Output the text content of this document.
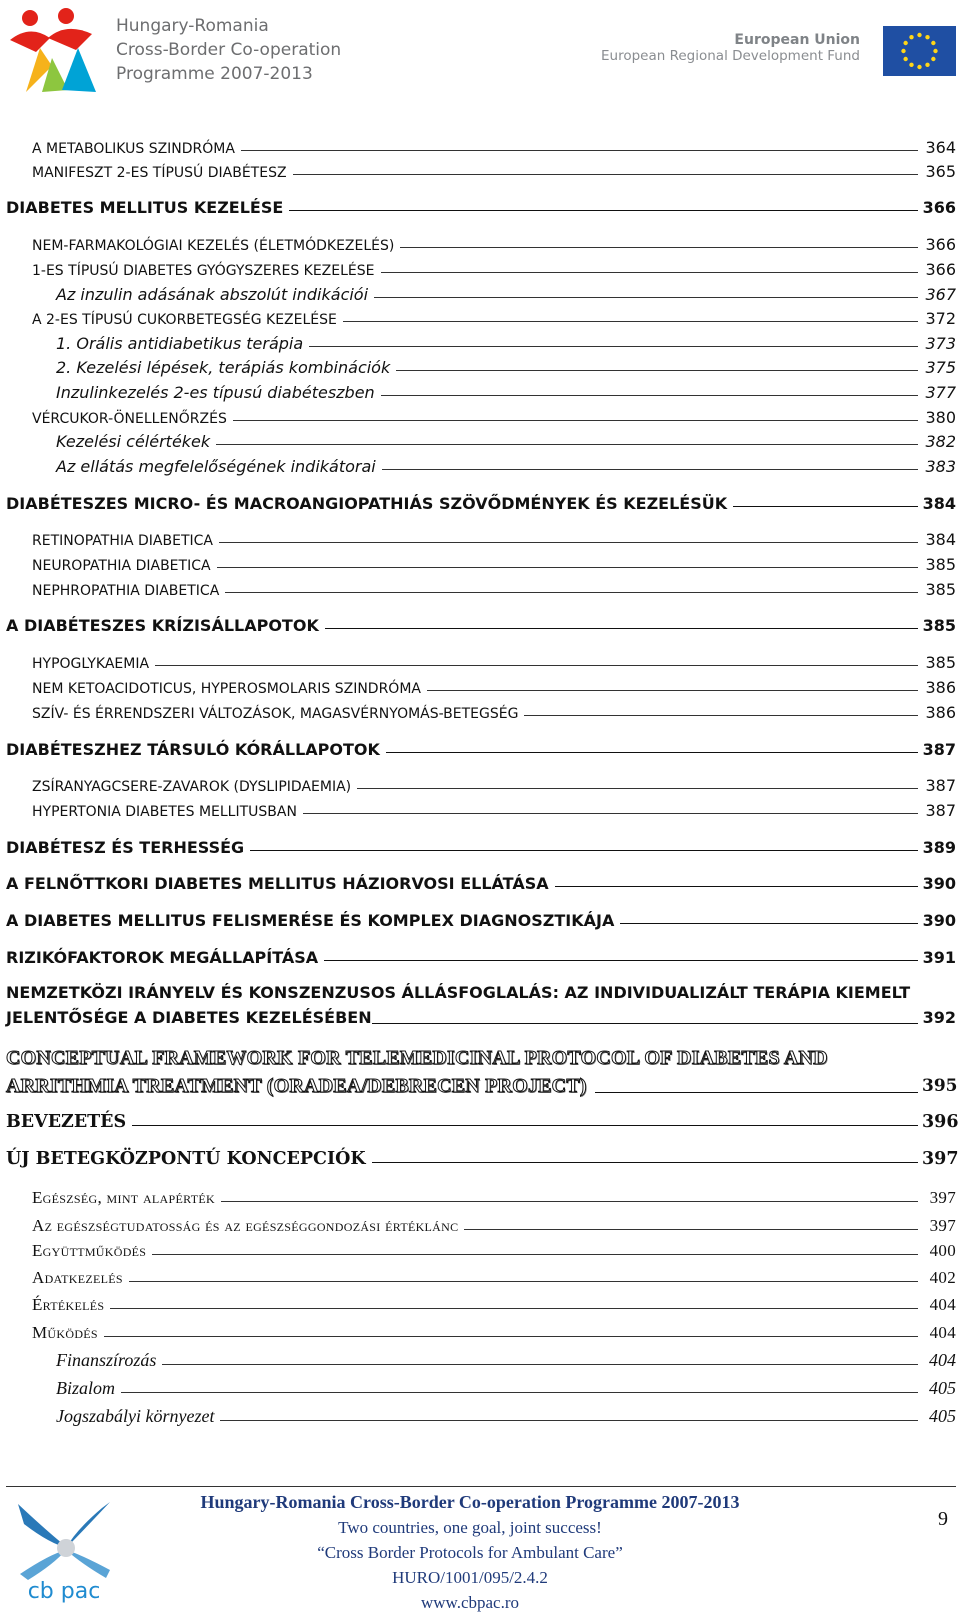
Hungary-Romania
Cross-Border Co-operation
Programme 2007-2013
European Union
European Regional Development Fund
A METABOLIKUS SZINDRÓMA	364
MANIFESZT 2-ES TÍPUSÚ DIABÉTESZ	365
DIABETES MELLITUS KEZELÉSE	366
NEM-FARMAKOLÓGIAI KEZELÉS (ÉLETMÓDKEZELÉS)	366
1-ES TÍPUSÚ DIABETES GYÓGYSZERES KEZELÉSE	366
Az inzulin adásának abszolút indikációi	367
A 2-ES TÍPUSÚ CUKORBETEGSÉG KEZELÉSE	372
1. Orális antidiabetikus terápia	373
2. Kezelési lépések, terápiás kombinációk	375
Inzulinkezelés 2-es típusú diabéteszben	377
VÉRCUKOR-ÖNELLENŐRZÉS	380
Kezelési célértékek	382
Az ellátás megfelelőségének indikátorai	383
DIABÉTESZES MICRO- ÉS MACROANGIOPATHIÁS SZÖVŐDMÉNYEK ÉS KEZELÉSÜK	384
RETINOPATHIA DIABETICA	384
NEUROPATHIA DIABETICA	385
NEPHROPATHIA DIABETICA	385
A DIABÉTESZES KRÍZISÁLLAPOTOK	385
HYPOGLYKAEMIA	385
NEM KETOACIDOTICUS, HYPEROSMOLARIS SZINDRÓMA	386
SZÍV- ÉS ÉRRENDSZERI VÁLTOZÁSOK, MAGASVÉRNYOMÁS-BETEGSÉG	386
DIABÉTESZHEZ TÁRSULÓ KÓRÁLLAPOTOK	387
ZSÍRANYAGCSERE-ZAVAROK (DYSLIPIDAEMIA)	387
HYPERTONIA DIABETES MELLITUSBAN	387
DIABÉTESZ ÉS TERHESSÉG	389
A FELNŐTTKORI DIABETES MELLITUS HÁZIORVOSI ELLÁTÁSA	390
A DIABETES MELLITUS FELISMERÉSE ÉS KOMPLEX DIAGNOSZTIKÁJA	390
RIZIKÓFAKTOROK MEGÁLLAPÍTÁSA	391
NEMZETKÖZI IRÁNYELV ÉS KONSZENZUSOS ÁLLÁSFOGLALÁS: AZ INDIVIDUALIZÁLT TERÁPIA KIEMELT
JELENTŐSÉGE A DIABETES KEZELÉSÉBEN	392
CONCEPTUAL FRAMEWORK FOR TELEMEDICINAL PROTOCOL OF DIABETES AND
ARRITHMIA TREATMENT (ORADEA/DEBRECEN PROJECT)	395
BEVEZETÉS	396
ÚJ BETEGKÖZPONTÚ KONCEPCIÓK	397
Egészség, mint alapérték	397
Az egészségtudatosság és az egészséggondozási értéklánc	397
Együttműködés	400
Adatkezelés	402
Értékelés	404
Működés	404
Finanszírozás	404
Bizalom	405
Jogszabályi környezet	405
cb pac
Hungary-Romania Cross-Border Co-operation Programme 2007-2013
Two countries, one goal, joint success!
“Cross Border Protocols for Ambulant Care”
HURO/1001/095/2.4.2
www.cbpac.ro
9
